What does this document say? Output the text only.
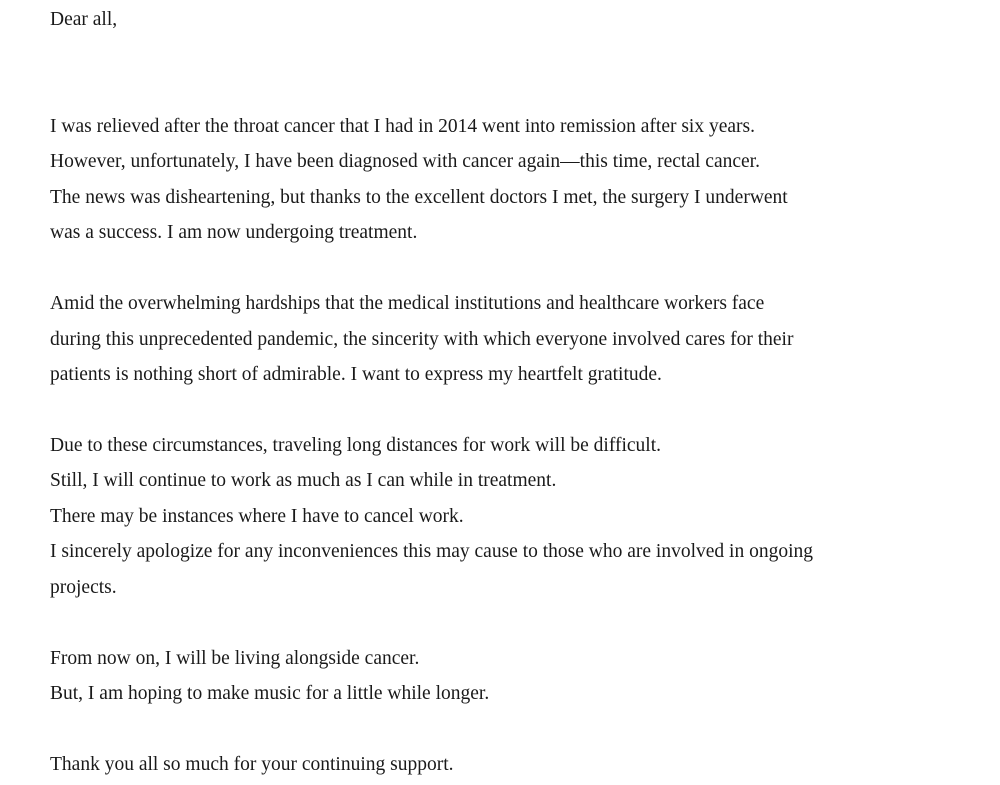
Dear all,
I was relieved after the throat cancer that I had in 2014 went into remission after six years.
However, unfortunately, I have been diagnosed with cancer again—this time, rectal cancer.
The news was disheartening, but thanks to the excellent doctors I met, the surgery I underwent
was a success. I am now undergoing treatment.
Amid the overwhelming hardships that the medical institutions and healthcare workers face
during this unprecedented pandemic, the sincerity with which everyone involved cares for their
patients is nothing short of admirable. I want to express my heartfelt gratitude.
Due to these circumstances, traveling long distances for work will be difficult.
Still, I will continue to work as much as I can while in treatment.
There may be instances where I have to cancel work.
I sincerely apologize for any inconveniences this may cause to those who are involved in ongoing
projects.
From now on, I will be living alongside cancer.
But, I am hoping to make music for a little while longer.
Thank you all so much for your continuing support.
